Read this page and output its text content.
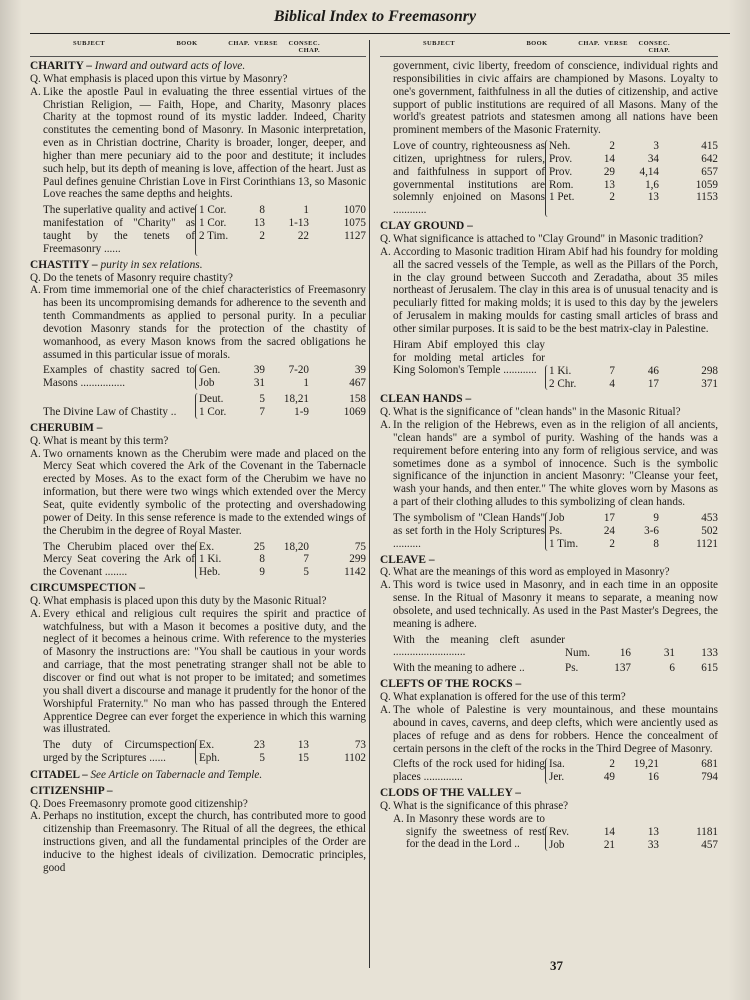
Biblical Index to Freemasonry
SUBJECT	BOOK	CHAP. VERSE	CONSEC. CHAP.
CHARITY – Inward and outward acts of love.
Q. What emphasis is placed upon this virtue by Masonry?
A. Like the apostle Paul in evaluating the three essential virtues of the Christian Religion, — Faith, Hope, and Charity, Masonry places Charity at the topmost round of its mystic ladder. Indeed, Charity constitutes the cementing bond of Masonry. In Masonic interpretation, even as in Christian doctrine, Charity is broader, longer, deeper, and higher than mere pecuniary aid to the poor and destitute; it includes such help, but its depth of meaning is love, affection of the heart. Just as Paul defines genuine Christian Love in First Corinthians 13, so Masonic Love reaches the same depths and heights.
The superlative quality and active manifestation of "Charity" as taught by the tenets of Freemasonry ......
1 Cor.	8	1	1070
1 Cor.	13	1-13	1075
2 Tim.	2	22	1127
CHASTITY – purity in sex relations.
Q. Do the tenets of Masonry require chastity?
A. From time immemorial one of the chief characteristics of Freemasonry has been its uncompromising demands for adherence to the seventh and tenth Commandments as applied to personal purity. In a peculiar devotion Masonry stands for the protection of the chastity of womanhood, as every Mason knows from the sacred obligations he assumed in this particular issue of morals.
Examples of chastity sacred to Masons ................
Gen.	39	7-20	39
Job	31	1	467
The Divine Law of Chastity ..
Deut.	5	18,21	158
1 Cor.	7	1-9	1069
CHERUBIM –
Q. What is meant by this term?
A. Two ornaments known as the Cherubim were made and placed on the Mercy Seat which covered the Ark of the Covenant in the Tabernacle erected by Moses. As to the exact form of the Cherubim we have no information, but there were two wings which extended over the Mercy Seat, quite evidently symbolic of the protecting and overshadowing power of Deity. In this sense reference is made to the extended wings of the Cherubim in the degree of Royal Master.
The Cherubim placed over the Mercy Seat covering the Ark of the Covenant ........
Ex.	25	18,20	75
1 Ki.	8	7	299
Heb.	9	5	1142
CIRCUMSPECTION –
Q. What emphasis is placed upon this duty by the Masonic Ritual?
A. Every ethical and religious cult requires the spirit and practice of watchfulness, but with a Mason it becomes a positive duty, and the neglect of it becomes a heinous crime. With reference to the mysteries of Masonry the instructions are: "You shall be cautious in your words and carriage, that the most penetrating stranger shall not be able to discover or find out what is not proper to be imitated; and sometimes you shall divert a discourse and manage it prudently for the honor of the Worshipful Fraternity." No man who has passed through the Entered Apprentice Degree can ever forget the experience in which this warning was illustrated.
The duty of Circumspection urged by the Scriptures ......
Ex.	23	13	73
Eph.	5	15	1102
CITADEL – See Article on Tabernacle and Temple.
CITIZENSHIP –
Q. Does Freemasonry promote good citizenship?
A. Perhaps no institution, except the church, has contributed more to good citizenship than Freemasonry. The Ritual of all the degrees, the ethical instructions given, and all the fundamental principles of the Order are inducive to the highest ideals of civilization. Democratic principles, good
SUBJECT	BOOK	CHAP. VERSE	CONSEC. CHAP.
government, civic liberty, freedom of conscience, individual rights and responsibilities in civic affairs are championed by Masons. Loyalty to one's government, faithfulness in all the duties of citizenship, and active support of public institutions are required of all Masons. Many of the world's greatest patriots and statesmen among all nations have been prominent members of the Masonic Fraternity.
Love of country, righteousness as citizen, uprightness for rulers, and faithfulness in support of governmental institutions are solemnly enjoined on Masons ............
Neh.	2	3	415
Prov.	14	34	642
Prov.	29	4,14	657
Rom.	13	1,6	1059
1 Pet.	2	13	1153
CLAY GROUND –
Q. What significance is attached to "Clay Ground" in Masonic tradition?
A. According to Masonic tradition Hiram Abif had his foundry for molding all the sacred vessels of the Temple, as well as the Pillars of the Porch, in the clay ground between Succoth and Zeradatha, about 35 miles northeast of Jerusalem. The clay in this area is of unusual tenacity and is peculiarly fitted for making molds; it is used to this day by the jewelers of Jerusalem in making moulds for casting small articles of brass and other similar purposes. It is said to be the best matrix-clay in Palestine.
Hiram Abif employed this clay for molding metal articles for King Solomon's Temple ............	1 Ki.	7	46	298
2 Chr.	4	17	371
CLEAN HANDS –
Q. What is the significance of "clean hands" in the Masonic Ritual?
A. In the religion of the Hebrews, even as in the religion of all ancients, "clean hands" are a symbol of purity. Washing of the hands was a requirement before entering into any form of religious service, and was sometimes done as a symbol of innocence. Such is the symbolic significance of the injunction in ancient Masonry: "Cleanse your feet, wash your hands, and then enter." The white gloves worn by Masons as a part of their clothing alludes to this symbolizing of clean hands.
The symbolism of "Clean Hands" as set forth in the Holy Scriptures ..........
Job	17	9	453
Ps.	24	3-6	502
1 Tim.	2	8	1121
CLEAVE –
Q. What are the meanings of this word as employed in Masonry?
A. This word is twice used in Masonry, and in each time in an opposite sense. In the Ritual of Masonry it means to separate, a meaning now obsolete, and used technically. As used in the Past Master's Degrees, the meaning is adhere.
With the meaning cleft asunder ..........................	Num.	16	31	133
With the meaning to adhere ..	Ps.	137	6	615
CLEFTS OF THE ROCKS –
Q. What explanation is offered for the use of this term?
A. The whole of Palestine is very mountainous, and these mountains abound in caves, caverns, and deep clefts, which were anciently used as places of refuge and as dens for robbers. Hence the concealment of certain persons in the cleft of the rocks in the Third Degree of Masonry.
Clefts of the rock used for hiding places ..............
Isa.	2	19,21	681
Jer.	49	16	794
CLODS OF THE VALLEY –
Q. What is the significance of this phrase?
A. In Masonry these words are to signify the sweetness of rest for the dead in the Lord ..
Rev.	14	13	1181
Job	21	33	457
37
